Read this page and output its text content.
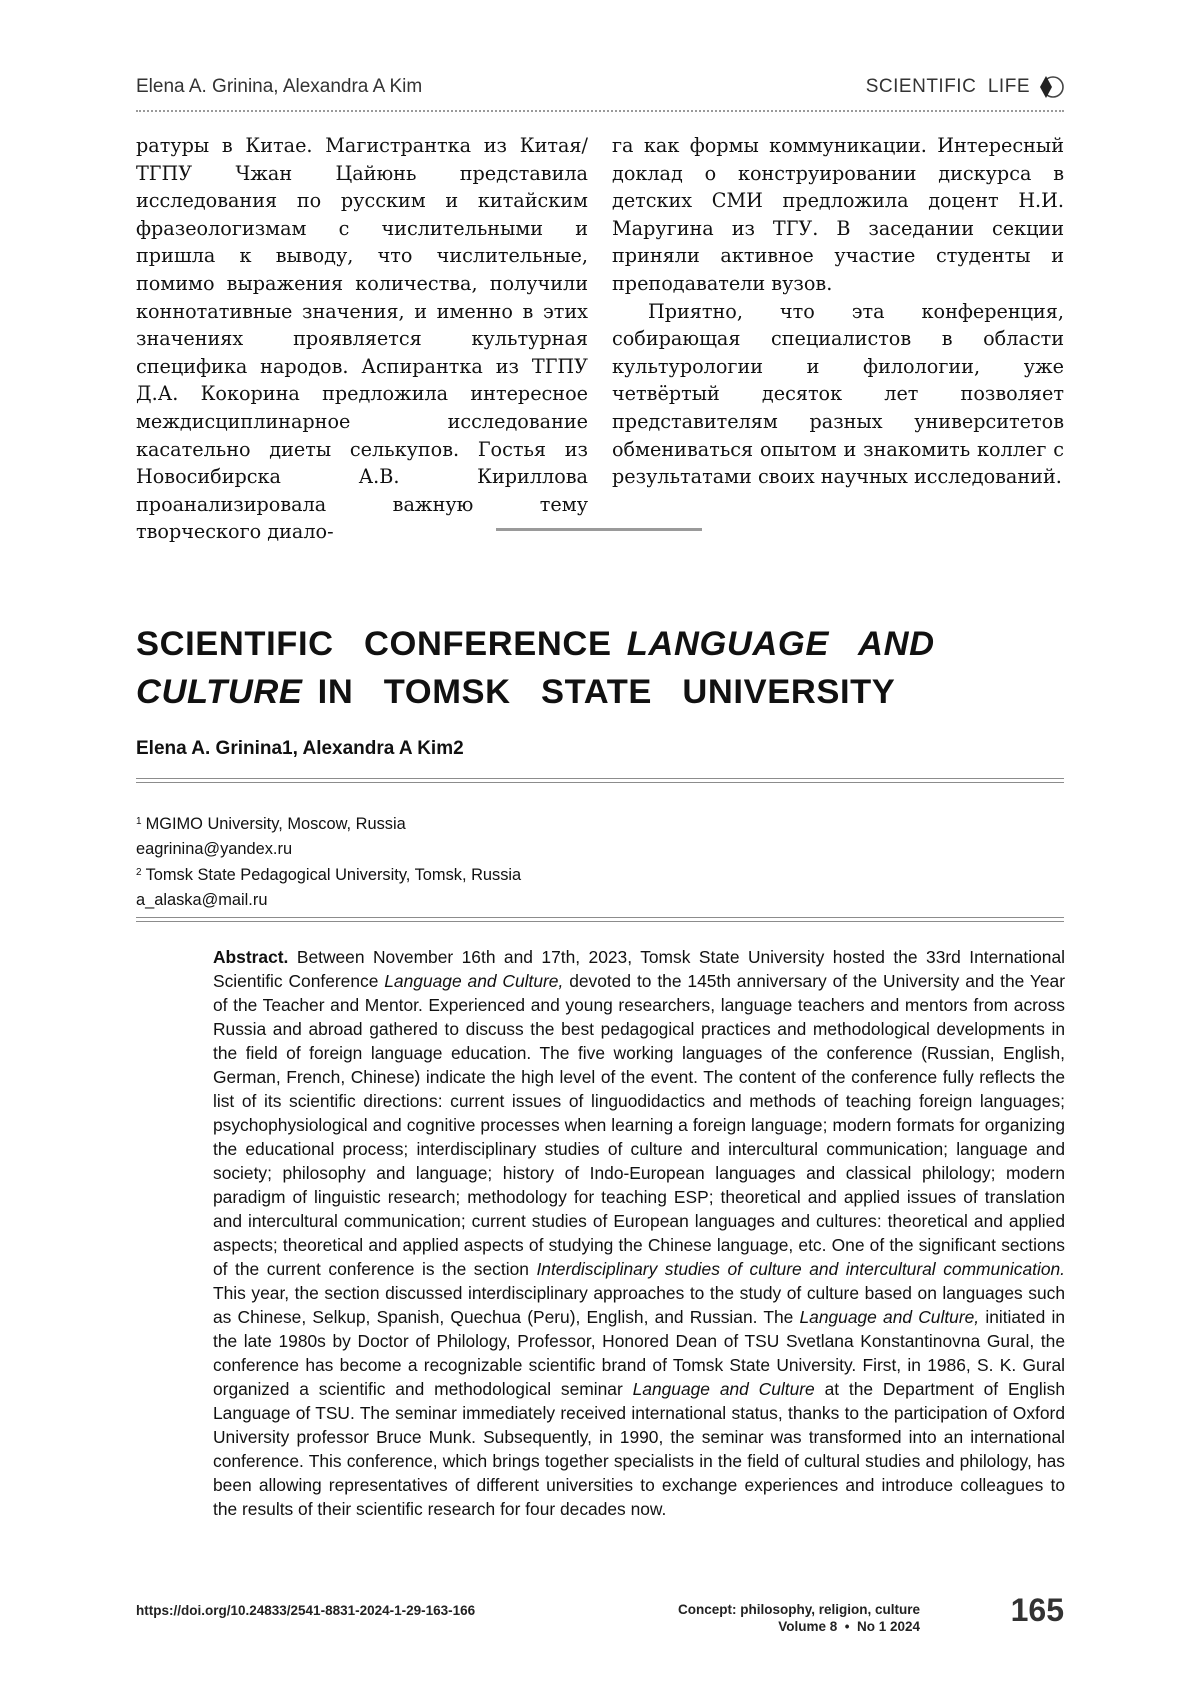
Elena A. Grinina, Alexandra A Kim	SCIENTIFIC  LIFE

ратуры в Китае. Магистрантка из Китая/ ТГПУ Чжан Цайюнь представила исследования по русским и китайским фразеологизмам с числительными и пришла к выводу, что числительные, помимо выражения количества, получили коннотативные значения, и именно в этих значениях проявляется культурная специфика народов. Аспирантка из ТГПУ Д.А. Кокорина предложила интересное междисциплинарное исследование касательно диеты селькупов. Гостья из Новосибирска А.В. Кириллова проанализировала важную тему творческого диало-

га как формы коммуникации. Интересный доклад о конструировании дискурса в детских СМИ предложила доцент Н.И. Маругина из ТГУ. В заседании секции приняли активное участие студенты и преподаватели вузов.

Приятно, что эта конференция, собирающая специалистов в области культурологии и филологии, уже четвёртый десяток лет позволяет представителям разных университетов обмениваться опытом и знакомить коллег с результатами своих научных исследований.

SCIENTIFIC  CONFERENCE LANGUAGE  AND  CULTURE IN  TOMSK  STATE  UNIVERSITY
Elena A. Grinina1, Alexandra A Kim2
$^1$ MGIMO University, Moscow, Russia
eagrinina@yandex.ru
$^2$ Tomsk State Pedagogical University, Tomsk, Russia
a_alaska@mail.ru

Abstract. Between November 16th and 17th, 2023, Tomsk State University hosted the 33rd International Scientific Conference Language and Culture, devoted to the 145th anniversary of the University and the Year of the Teacher and Mentor. Experienced and young researchers, language teachers and mentors from across Russia and abroad gathered to discuss the best pedagogical practices and methodological developments in the field of foreign language education. The five working languages of the conference (Russian, English, German, French, Chinese) indicate the high level of the event. The content of the conference fully reflects the list of its scientific directions: current issues of linguodidactics and methods of teaching foreign languages; psychophysiological and cognitive processes when learning a foreign language; modern formats for organizing the educational process; interdisciplinary studies of culture and intercultural communication; language and society; philosophy and language; history of Indo-European languages and classical philology; modern paradigm of linguistic research; methodology for teaching ESP; theoretical and applied issues of translation and intercultural communication; current studies of European languages and cultures: theoretical and applied aspects; theoretical and applied aspects of studying the Chinese language, etc. One of the significant sections of the current conference is the section Interdisciplinary studies of culture and intercultural communication. This year, the section discussed interdisciplinary approaches to the study of culture based on languages such as Chinese, Selkup, Spanish, Quechua (Peru), English, and Russian. The Language and Culture, initiated in the late 1980s by Doctor of Philology, Professor, Honored Dean of TSU Svetlana Konstantinovna Gural, the conference has become a recognizable scientific brand of Tomsk State University. First, in 1986, S. K. Gural organized a scientific and methodological seminar Language and Culture at the Department of English Language of TSU. The seminar immediately received international status, thanks to the participation of Oxford University professor Bruce Munk. Subsequently, in 1990, the seminar was transformed into an international conference. This conference, which brings together specialists in the field of cultural studies and philology, has been allowing representatives of different universities to exchange experiences and introduce colleagues to the results of their scientific research for four decades now.

https://doi.org/10.24833/2541-8831-2024-1-29-163-166	Concept: philosophy, religion, culture
Volume 8  •  No 1 2024	165
